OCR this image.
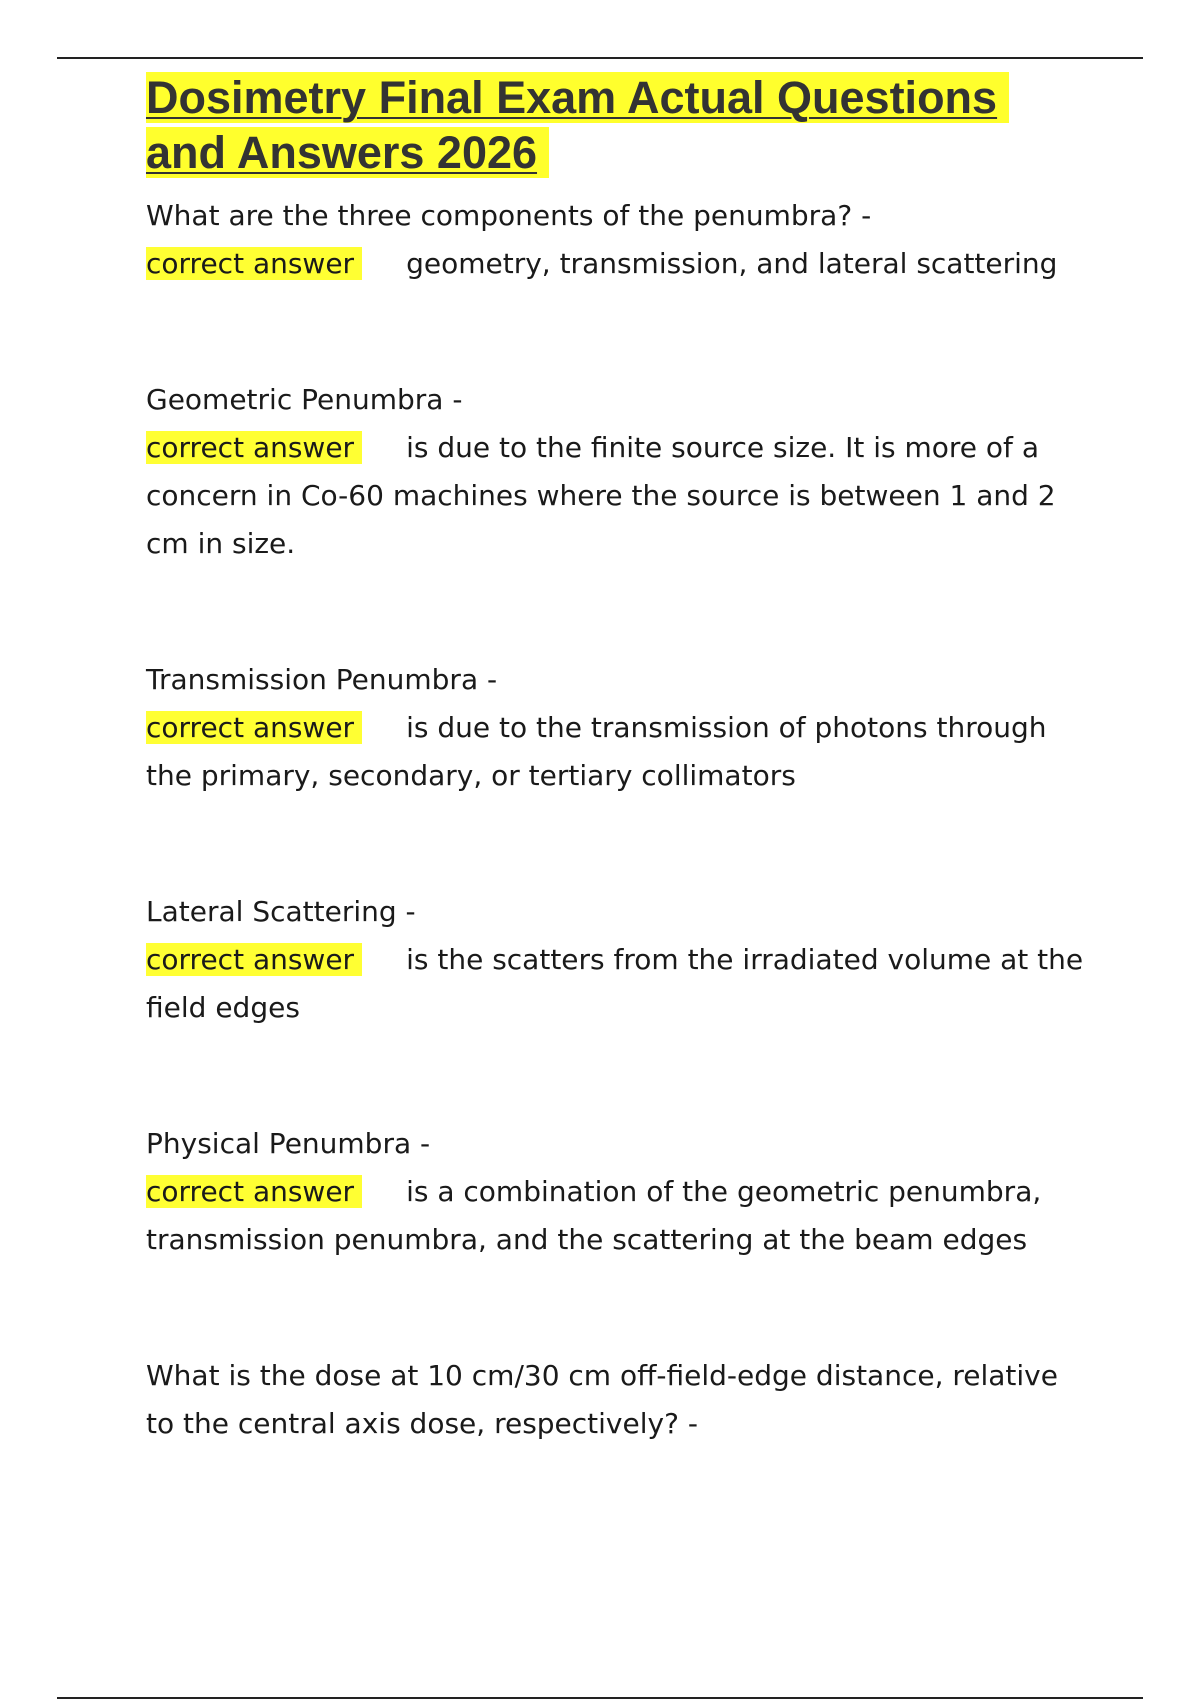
Dosimetry Final Exam Actual Questions
and Answers 2026
What are the three components of the penumbra? -
correct answer geometry, transmission, and lateral scattering
Geometric Penumbra -
correct answer is due to the finite source size. It is more of a concern in Co-60 machines where the source is between 1 and 2 cm in size.
Transmission Penumbra -
correct answer is due to the transmission of photons through the primary, secondary, or tertiary collimators
Lateral Scattering -
correct answer is the scatters from the irradiated volume at the field edges
Physical Penumbra -
correct answer is a combination of the geometric penumbra, transmission penumbra, and the scattering at the beam edges
What is the dose at 10 cm/30 cm off-field-edge distance, relative to the central axis dose, respectively? -
